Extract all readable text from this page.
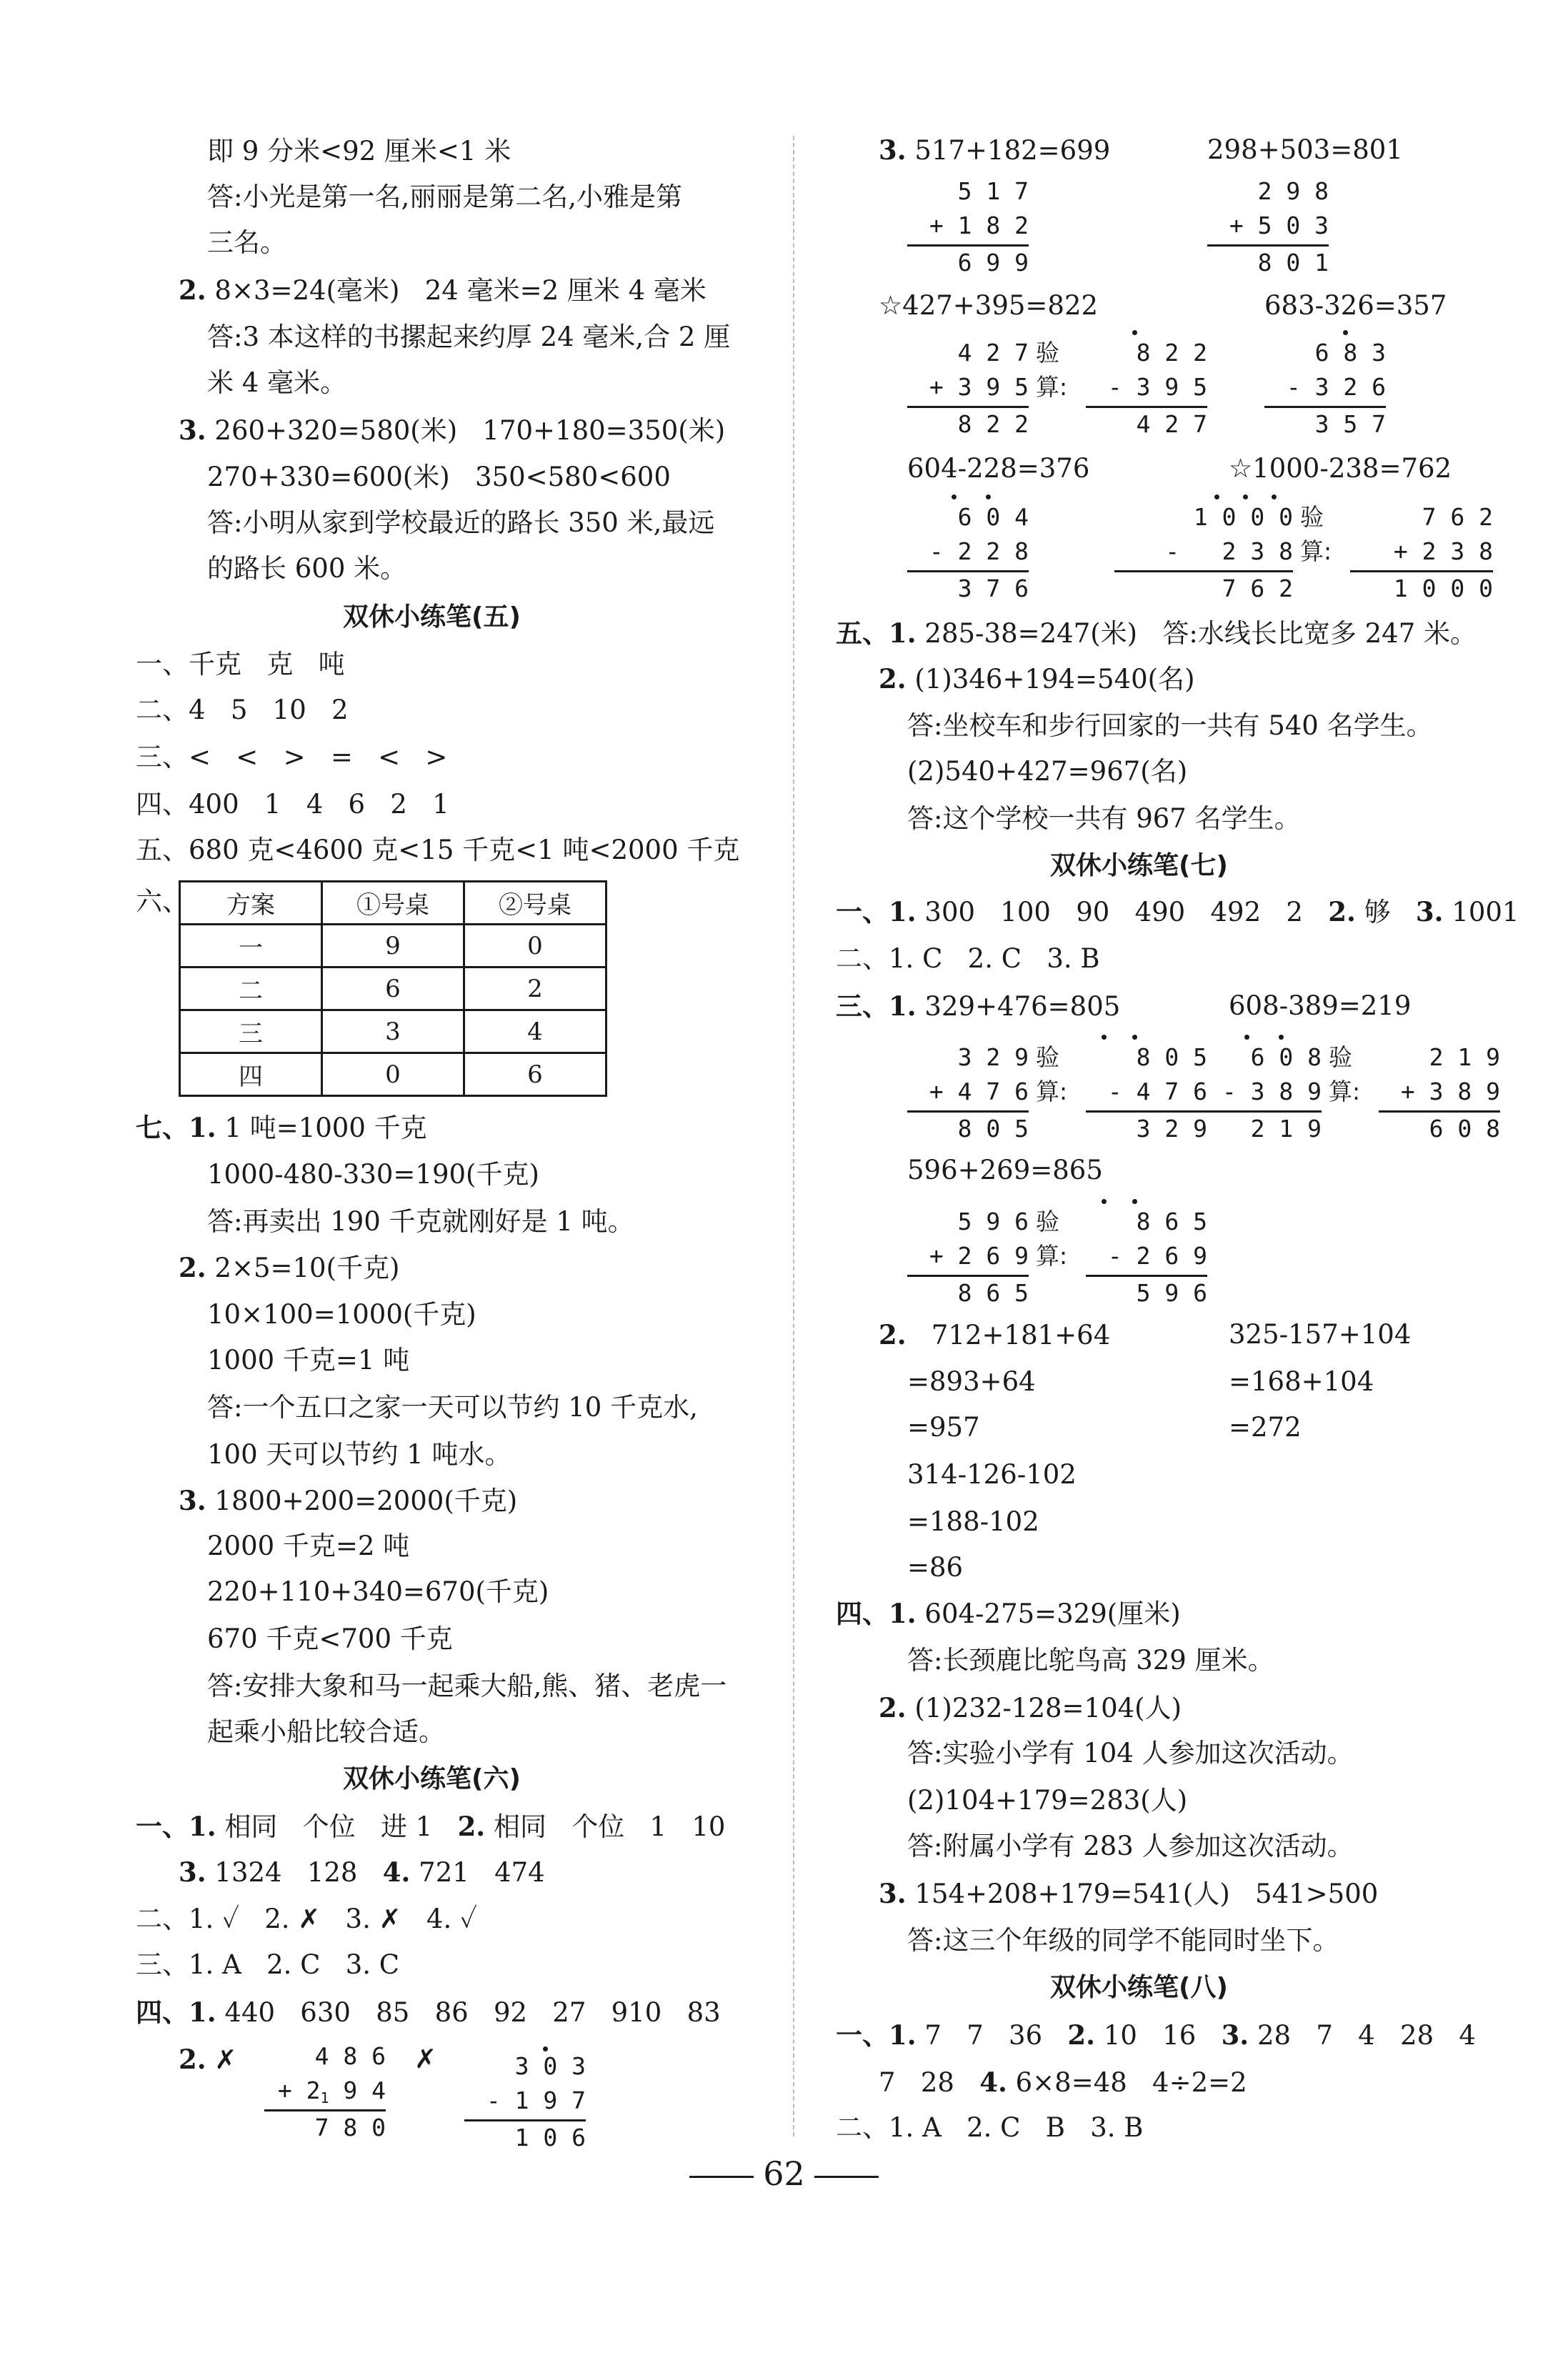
即 9 分米<92 厘米<1 米
答:小光是第一名,丽丽是第二名,小雅是第
三名。
2. 8×3=24(毫米)   24 毫米=2 厘米 4 毫米
答:3 本这样的书摞起来约厚 24 毫米,合 2 厘
米 4 毫米。
3. 260+320=580(米)   170+180=350(米)
270+330=600(米)   350<580<600
答:小明从家到学校最近的路长 350 米,最远
的路长 600 米。
双休小练笔(五)
一、千克   克   吨
二、4   5   10   2
三、<   <   >   =   <   >
四、400   1   4   6   2   1
五、680 克<4600 克<15 千克<1 吨<2000 千克
六、 方案	①号桌	②号桌
一	9	0
二	6	2
三	3	4
四	0	6
七、1. 1 吨=1000 千克
1000-480-330=190(千克)
答:再卖出 190 千克就刚好是 1 吨。
2. 2×5=10(千克)
10×100=1000(千克)
1000 千克=1 吨
答:一个五口之家一天可以节约 10 千克水,
100 天可以节约 1 吨水。
3. 1800+200=2000(千克)
2000 千克=2 吨
220+110+340=670(千克)
670 千克<700 千克
答:安排大象和马一起乘大船,熊、猪、老虎一
起乘小船比较合适。
双休小练笔(六)
一、1. 相同   个位   进 1   2. 相同   个位   1   10
3. 1324   128   4. 721   474
二、1. ✓   2. ✗   3. ✗   4. ✓
三、1. A   2. C   3. C
四、1. 440   630   85   86   92   27   910   83
2. ✗	✗
4 8 6
+ $2_1$ 9 4
7 8 0
3 0 3
- 1 9 7
1 0 6
3. 517+182=699	298+503=801
5 1 7
+ 1 8 2
6 9 9
2 9 8
+ 5 0 3
8 0 1
☆427+395=822	683-326=357
4 2 7
+ 3 9 5
8 2 2
验
算:
8 2 2
- 3 9 5
4 2 7
6 8 3
- 3 2 6
3 5 7
604-228=376	☆1000-238=762
6 0 4
- 2 2 8
3 7 6
1 0 0 0
-   2 3 8
7 6 2
验
算:
7 6 2
+ 2 3 8
1 0 0 0
五、1. 285-38=247(米)   答:水线长比宽多 247 米。
2. (1)346+194=540(名)
答:坐校车和步行回家的一共有 540 名学生。
(2)540+427=967(名)
答:这个学校一共有 967 名学生。
双休小练笔(七)
一、1. 300   100   90   490   492   2   2. 够   3. 1001
二、1. C   2. C   3. B
三、1. 329+476=805	608-389=219
3 2 9
+ 4 7 6
8 0 5
验
算:
8 0 5
- 4 7 6
3 2 9
6 0 8
- 3 8 9
2 1 9
验
算:
2 1 9
+ 3 8 9
6 0 8
596+269=865
5 9 6
+ 2 6 9
8 6 5
验
算:
8 6 5
- 2 6 9
5 9 6
2.   712+181+64	325-157+104
=893+64	=168+104
=957	=272
314-126-102
=188-102
=86
四、1. 604-275=329(厘米)
答:长颈鹿比鸵鸟高 329 厘米。
2. (1)232-128=104(人)
答:实验小学有 104 人参加这次活动。
(2)104+179=283(人)
答:附属小学有 283 人参加这次活动。
3. 154+208+179=541(人)   541>500
答:这三个年级的同学不能同时坐下。
双休小练笔(八)
一、1. 7   7   36   2. 10   16   3. 28   7   4   28   4
7   28   4. 6×8=48   4÷2=2
二、1. A   2. C   B   3. B
62
